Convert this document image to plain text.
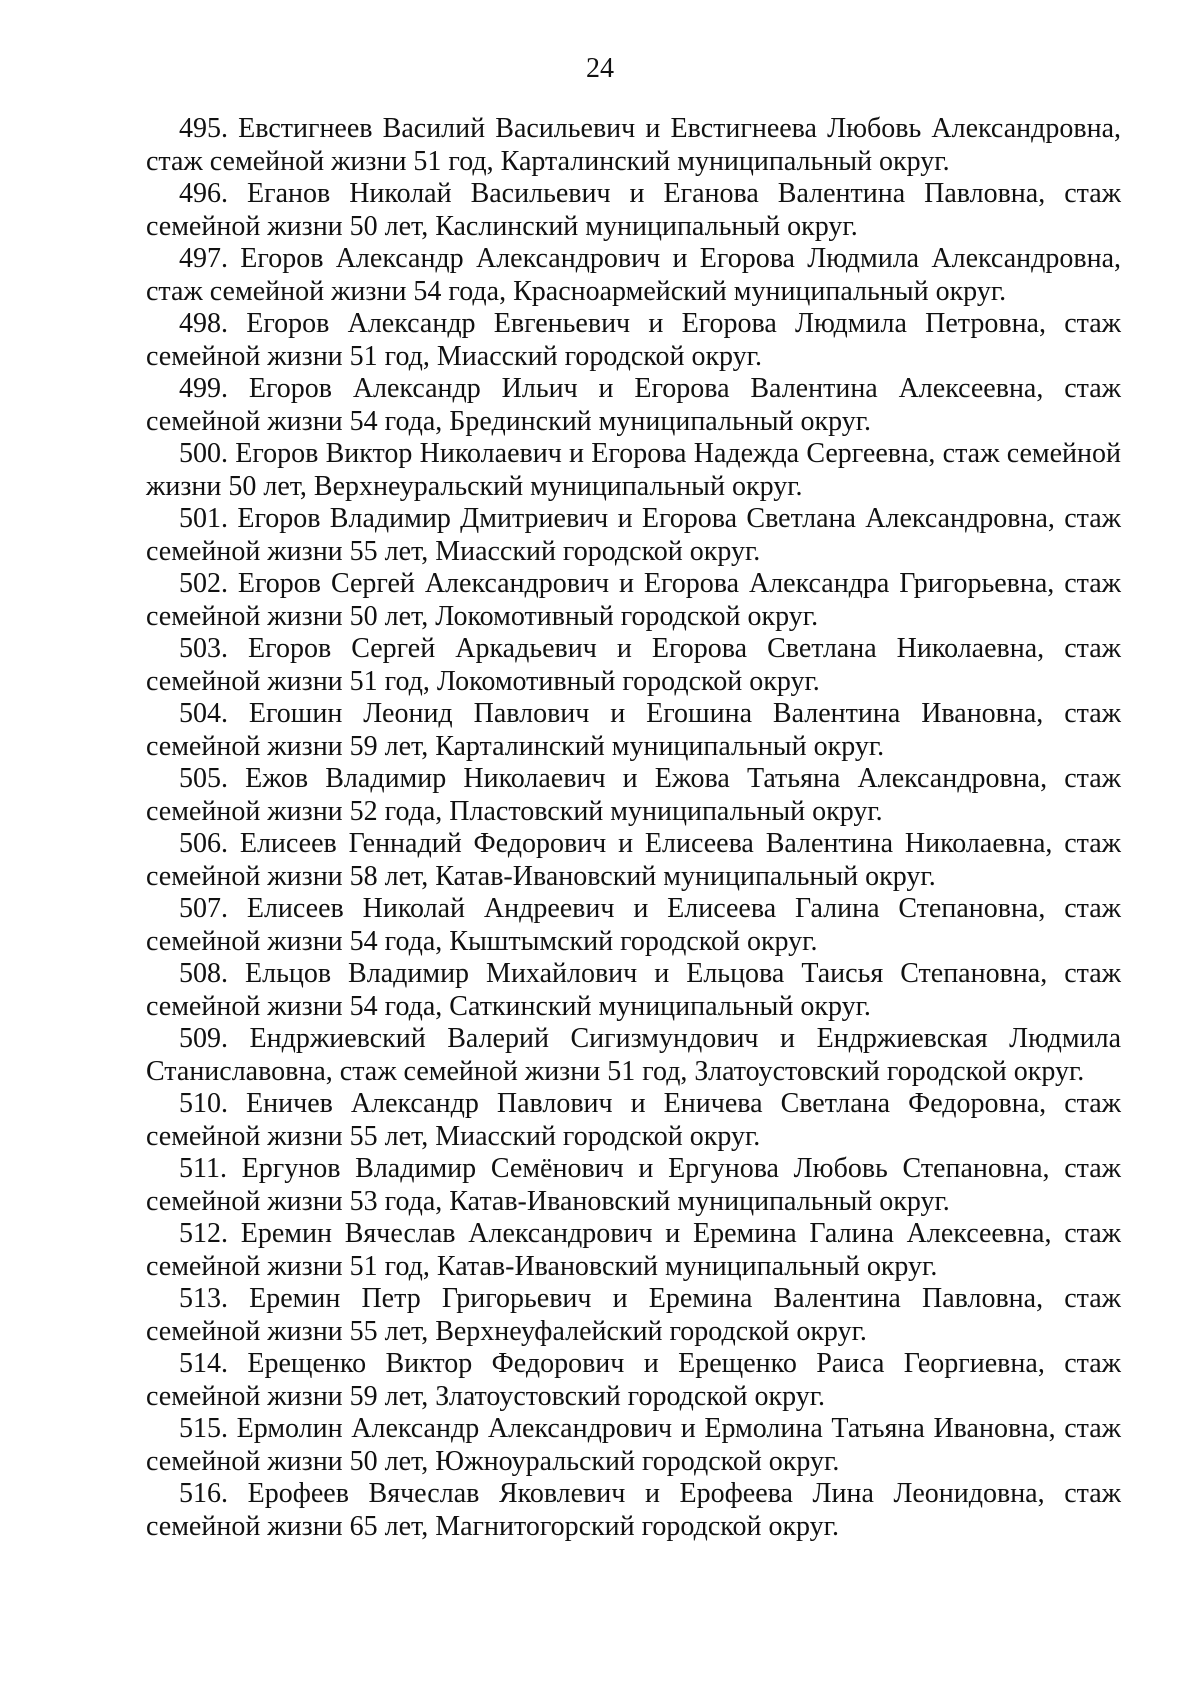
24

495. Евстигнеев Василий Васильевич и Евстигнеева Любовь Александровна, стаж семейной жизни 51 год, Карталинский муниципальный округ.

496. Еганов Николай Васильевич и Еганова Валентина Павловна, стаж семейной жизни 50 лет, Каслинский муниципальный округ.

497. Егоров Александр Александрович и Егорова Людмила Александровна, стаж семейной жизни 54 года, Красноармейский муниципальный округ.

498. Егоров Александр Евгеньевич и Егорова Людмила Петровна, стаж семейной жизни 51 год, Миасский городской округ.

499. Егоров Александр Ильич и Егорова Валентина Алексеевна, стаж семейной жизни 54 года, Брединский муниципальный округ.

500. Егоров Виктор Николаевич и Егорова Надежда Сергеевна, стаж семейной жизни 50 лет, Верхнеуральский муниципальный округ.

501. Егоров Владимир Дмитриевич и Егорова Светлана Александровна, стаж семейной жизни 55 лет, Миасский городской округ.

502. Егоров Сергей Александрович и Егорова Александра Григорьевна, стаж семейной жизни 50 лет, Локомотивный городской округ.

503. Егоров Сергей Аркадьевич и Егорова Светлана Николаевна, стаж семейной жизни 51 год, Локомотивный городской округ.

504. Егошин Леонид Павлович и Егошина Валентина Ивановна, стаж семейной жизни 59 лет, Карталинский муниципальный округ.

505. Ежов Владимир Николаевич и Ежова Татьяна Александровна, стаж семейной жизни 52 года, Пластовский муниципальный округ.

506. Елисеев Геннадий Федорович и Елисеева Валентина Николаевна, стаж семейной жизни 58 лет, Катав-Ивановский муниципальный округ.

507. Елисеев Николай Андреевич и Елисеева Галина Степановна, стаж семейной жизни 54 года, Кыштымский городской округ.

508. Ельцов Владимир Михайлович и Ельцова Таисья Степановна, стаж семейной жизни 54 года, Саткинский муниципальный округ.

509. Ендржиевский Валерий Сигизмундович и Ендржиевская Людмила Станиславовна, стаж семейной жизни 51 год, Златоустовский городской округ.

510. Еничев Александр Павлович и Еничева Светлана Федоровна, стаж семейной жизни 55 лет, Миасский городской округ.

511. Ергунов Владимир Семёнович и Ергунова Любовь Степановна, стаж семейной жизни 53 года, Катав-Ивановский муниципальный округ.

512. Еремин Вячеслав Александрович и Еремина Галина Алексеевна, стаж семейной жизни 51 год, Катав-Ивановский муниципальный округ.

513. Еремин Петр Григорьевич и Еремина Валентина Павловна, стаж семейной жизни 55 лет, Верхнеуфалейский городской округ.

514. Ерещенко Виктор Федорович и Ерещенко Раиса Георгиевна, стаж семейной жизни 59 лет, Златоустовский городской округ.

515. Ермолин Александр Александрович и Ермолина Татьяна Ивановна, стаж семейной жизни 50 лет, Южноуральский городской округ.

516. Ерофеев Вячеслав Яковлевич и Ерофеева Лина Леонидовна, стаж семейной жизни 65 лет, Магнитогорский городской округ.
